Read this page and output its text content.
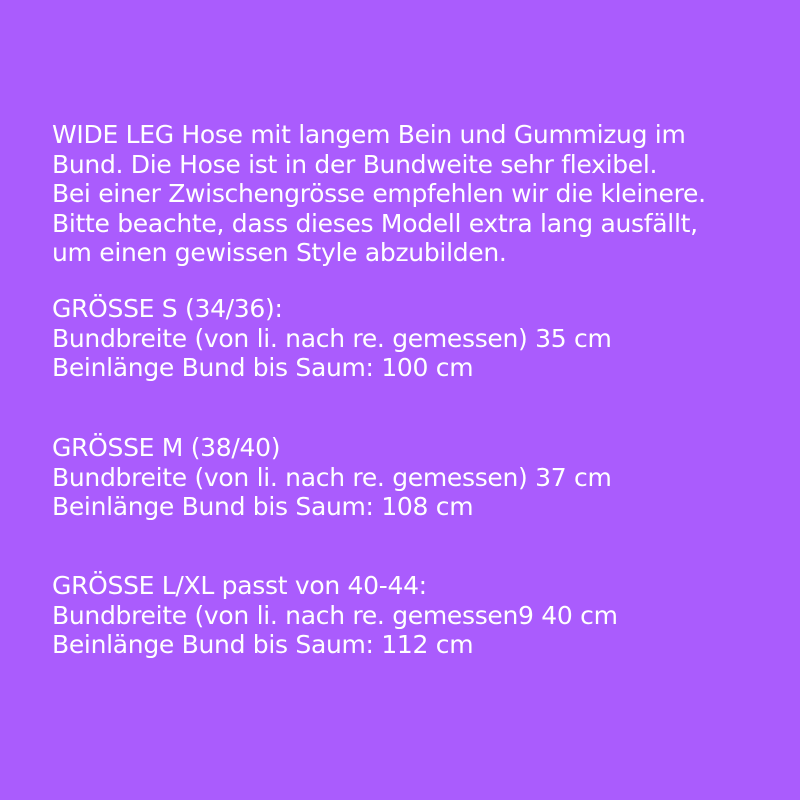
WIDE LEG Hose mit langem Bein und Gummizug im
Bund. Die Hose ist in der Bundweite sehr flexibel.
Bei einer Zwischengrösse empfehlen wir die kleinere.
Bitte beachte, dass dieses Modell extra lang ausfällt,
um einen gewissen Style abzubilden.
GRÖSSE S (34/36):
Bundbreite (von li. nach re. gemessen) 35 cm
Beinlänge Bund bis Saum: 100 cm
GRÖSSE M (38/40)
Bundbreite (von li. nach re. gemessen) 37 cm
Beinlänge Bund bis Saum: 108 cm
GRÖSSE L/XL passt von 40-44:
Bundbreite (von li. nach re. gemessen9 40 cm
Beinlänge Bund bis Saum: 112 cm
